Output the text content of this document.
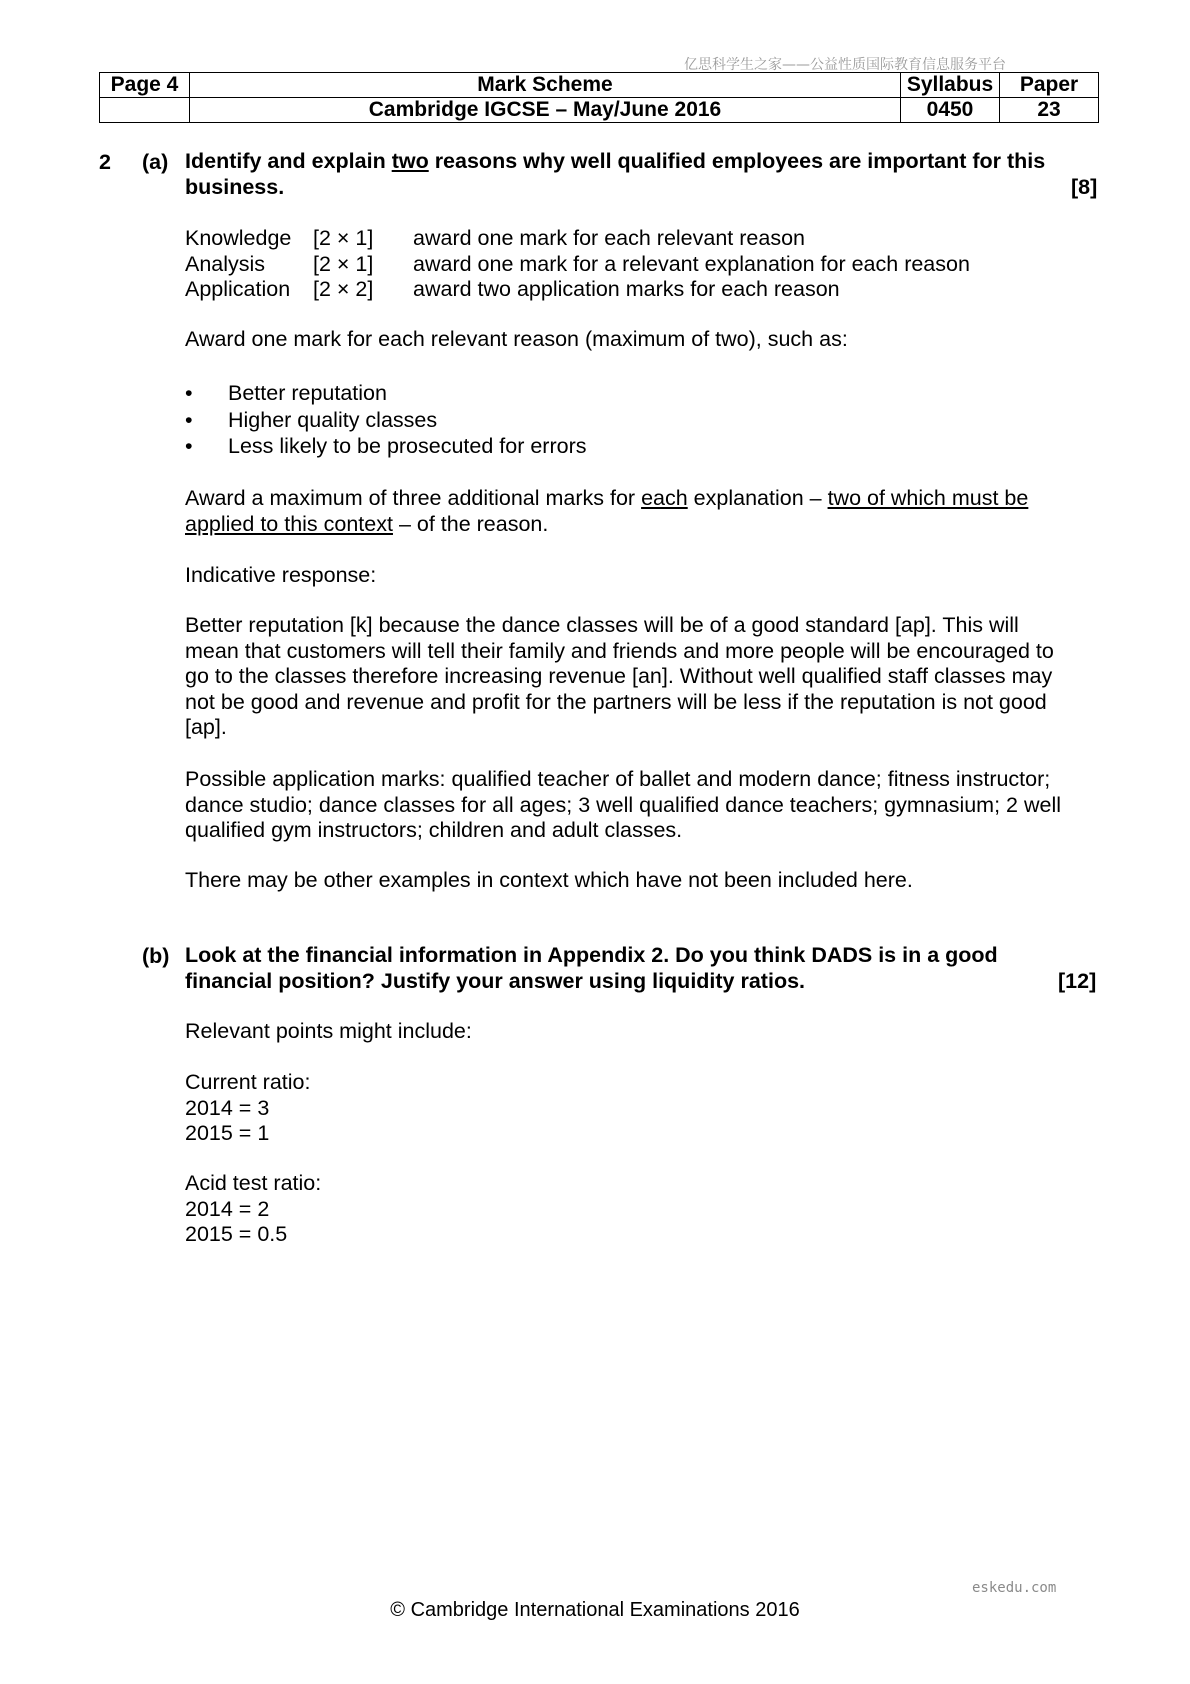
亿思科学生之家——公益性质国际教育信息服务平台
Page 4	Mark Scheme	Syllabus	Paper
	Cambridge IGCSE – May/June 2016	0450	23
2 (a) Identify and explain two reasons why well qualified employees are important for this
business.	[8]
Knowledge	[2 × 1]	award one mark for each relevant reason
Analysis	[2 × 1]	award one mark for a relevant explanation for each reason
Application	[2 × 2]	award two application marks for each reason
Award one mark for each relevant reason (maximum of two), such as:
• Better reputation
• Higher quality classes
• Less likely to be prosecuted for errors
Award a maximum of three additional marks for each explanation – two of which must be
applied to this context – of the reason.
Indicative response:
Better reputation [k] because the dance classes will be of a good standard [ap]. This will
mean that customers will tell their family and friends and more people will be encouraged to
go to the classes therefore increasing revenue [an]. Without well qualified staff classes may
not be good and revenue and profit for the partners will be less if the reputation is not good
[ap].
Possible application marks: qualified teacher of ballet and modern dance; fitness instructor;
dance studio; dance classes for all ages; 3 well qualified dance teachers; gymnasium; 2 well
qualified gym instructors; children and adult classes.
There may be other examples in context which have not been included here.
(b) Look at the financial information in Appendix 2. Do you think DADS is in a good
financial position? Justify your answer using liquidity ratios.	[12]
Relevant points might include:
Current ratio:
2014 = 3
2015 = 1
Acid test ratio:
2014 = 2
2015 = 0.5
eskedu.com
© Cambridge International Examinations 2016
